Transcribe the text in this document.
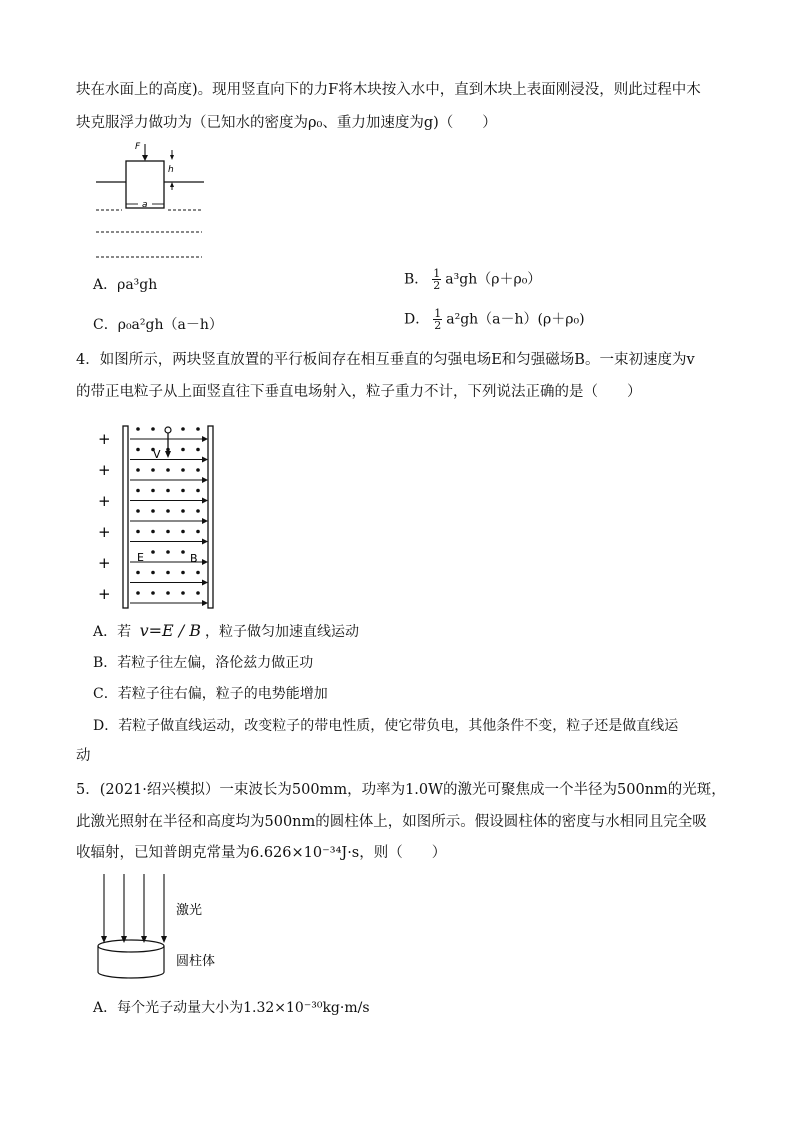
块在水面上的高度)。现用竖直向下的力F将木块按入水中，直到木块上表面刚浸没，则此过程中木
块克服浮力做功为（已知水的密度为ρ₀、重力加速度为g)（　　）
F
h
a
A．ρa³gh	B． $\frac{1}{2} a^3gh(\rho+\rho_0)$
C．ρ₀a²gh（a－h）	D． $\frac{1}{2} a^2gh(a-h)(\rho+\rho_0)$
4．如图所示，两块竖直放置的平行板间存在相互垂直的匀强电场E和匀强磁场B。一束初速度为v
的带正电粒子从上面竖直往下垂直电场射入，粒子重力不计，下列说法正确的是（　　）
+
+
+
+
+
+
V
E	B
A．若 v=E / B ，粒子做匀加速直线运动
B．若粒子往左偏，洛伦兹力做正功
C．若粒子往右偏，粒子的电势能增加
D．若粒子做直线运动，改变粒子的带电性质，使它带负电，其他条件不变，粒子还是做直线运
动
5．(2021·绍兴模拟）一束波长为500mm，功率为1.0W的激光可聚焦成一个半径为500nm的光斑，
此激光照射在半径和高度均为500nm的圆柱体上，如图所示。假设圆柱体的密度与水相同且完全吸
收辐射，已知普朗克常量为6.626×10⁻³⁴J·s，则（　　）
激光
圆柱体
A．每个光子动量大小为1.32×10⁻³⁰kg·m/s
